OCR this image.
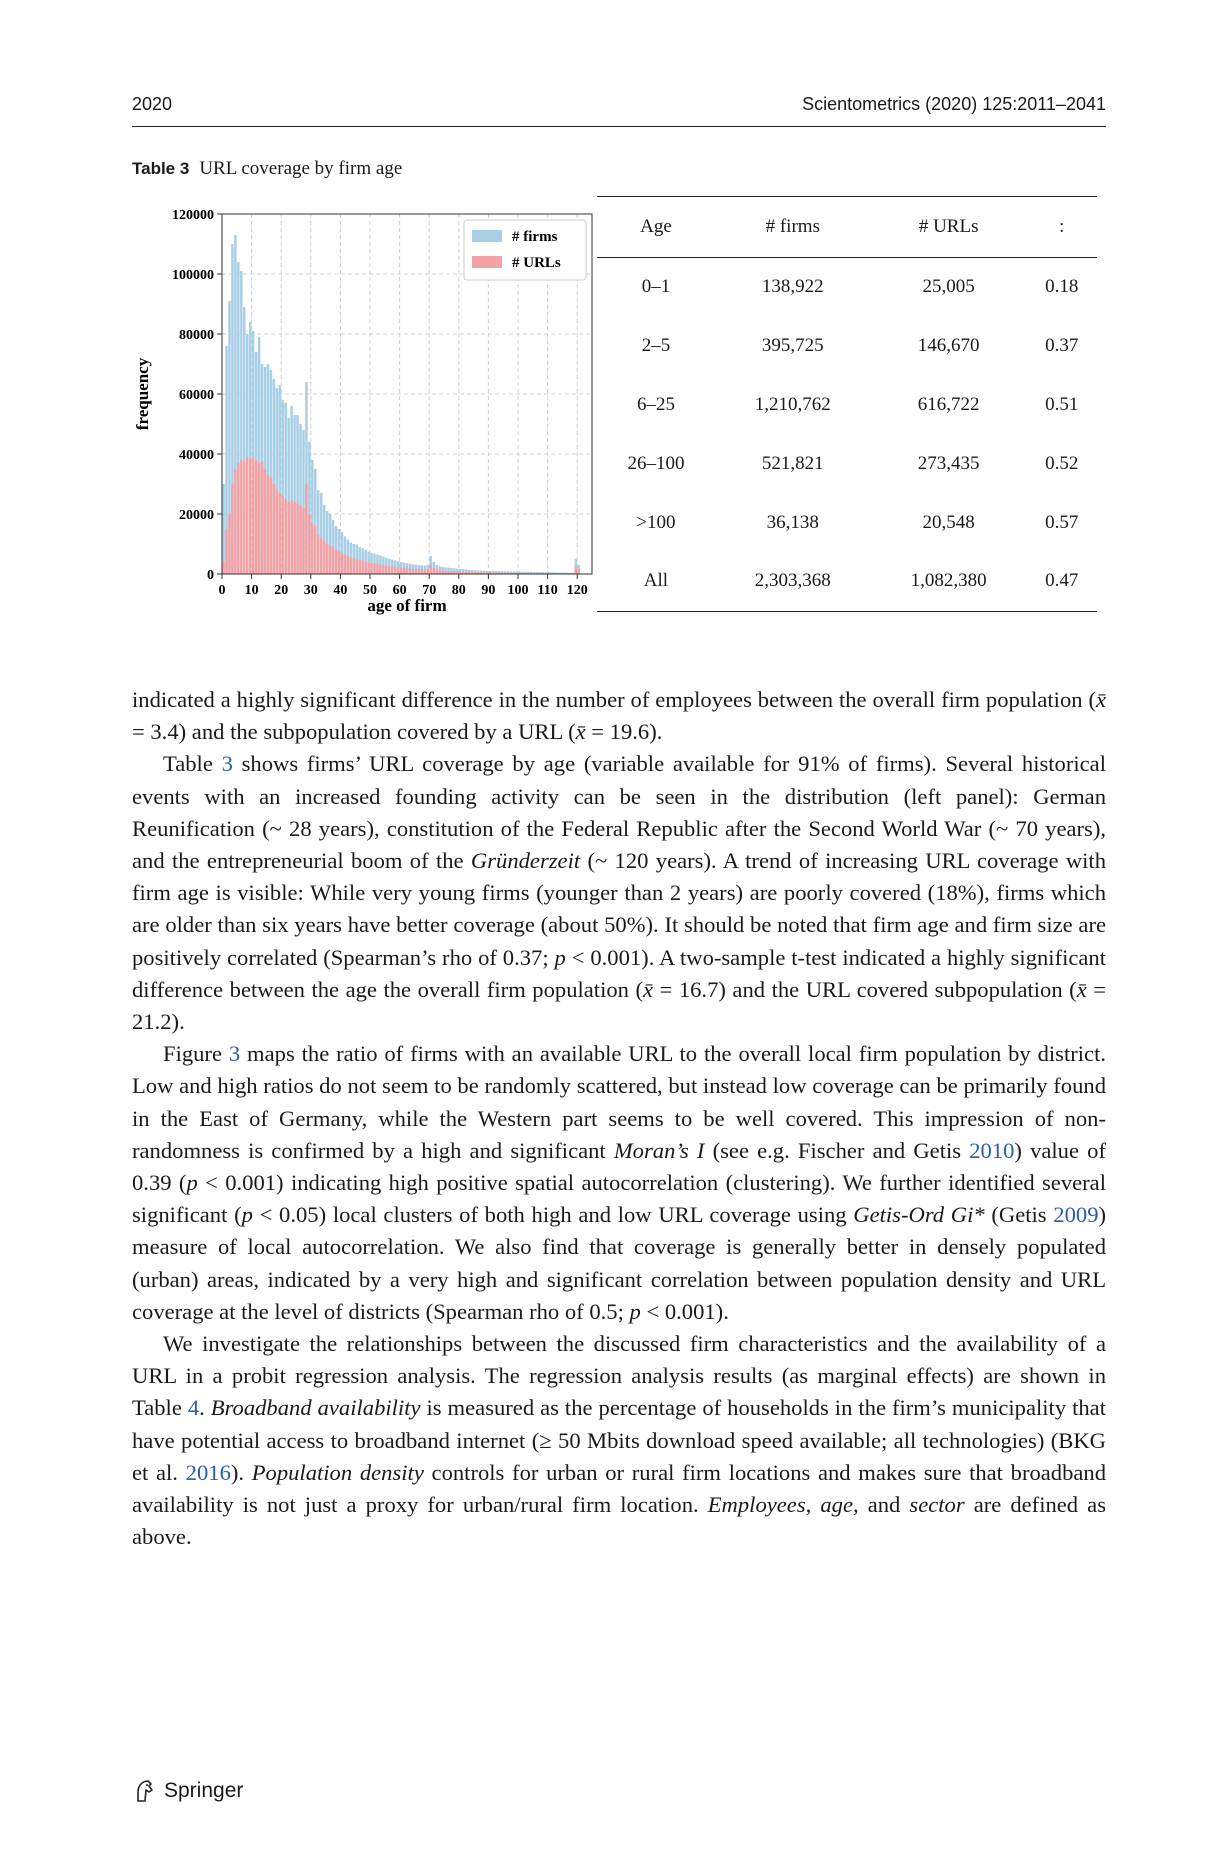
2020	Scientometrics (2020) 125:2011–2041
Table 3 URL coverage by firm age
0
20000
40000
60000
80000
100000
120000
0 10 20 30 40 50 60 70 80 90 100 110 120
age of firm
frequency
# firms
# URLs
Age	# firms	# URLs	:
0–1	138,922	25,005	0.18
2–5	395,725	146,670	0.37
6–25	1,210,762	616,722	0.51
26–100	521,821	273,435	0.52
>100	36,138	20,548	0.57
All	2,303,368	1,082,380	0.47

indicated a highly significant difference in the number of employees between the overall firm population (x̄ = 3.4) and the subpopulation covered by a URL (x̄ = 19.6).

Table 3 shows firms’ URL coverage by age (variable available for 91% of firms). Several historical events with an increased founding activity can be seen in the distribution (left panel): German Reunification (~ 28 years), constitution of the Federal Republic after the Second World War (~ 70 years), and the entrepreneurial boom of the Gründerzeit (~ 120 years). A trend of increasing URL coverage with firm age is visible: While very young firms (younger than 2 years) are poorly covered (18%), firms which are older than six years have better coverage (about 50%). It should be noted that firm age and firm size are positively correlated (Spearman’s rho of 0.37; p < 0.001). A two-sample t-test indicated a highly significant difference between the age the overall firm population (x̄ = 16.7) and the URL covered subpopulation (x̄ = 21.2).

Figure 3 maps the ratio of firms with an available URL to the overall local firm population by district. Low and high ratios do not seem to be randomly scattered, but instead low coverage can be primarily found in the East of Germany, while the Western part seems to be well covered. This impression of non-randomness is confirmed by a high and significant Moran’s I (see e.g. Fischer and Getis 2010) value of 0.39 (p < 0.001) indicating high positive spatial autocorrelation (clustering). We further identified several significant (p < 0.05) local clusters of both high and low URL coverage using Getis-Ord Gi* (Getis 2009) measure of local autocorrelation. We also find that coverage is generally better in densely populated (urban) areas, indicated by a very high and significant correlation between population density and URL coverage at the level of districts (Spearman rho of 0.5; p < 0.001).

We investigate the relationships between the discussed firm characteristics and the availability of a URL in a probit regression analysis. The regression analysis results (as marginal effects) are shown in Table 4. Broadband availability is measured as the percentage of households in the firm’s municipality that have potential access to broadband internet (≥ 50 Mbits download speed available; all technologies) (BKG et al. 2016). Population density controls for urban or rural firm locations and makes sure that broadband availability is not just a proxy for urban/rural firm location. Employees, age, and sector are defined as above.

Springer
